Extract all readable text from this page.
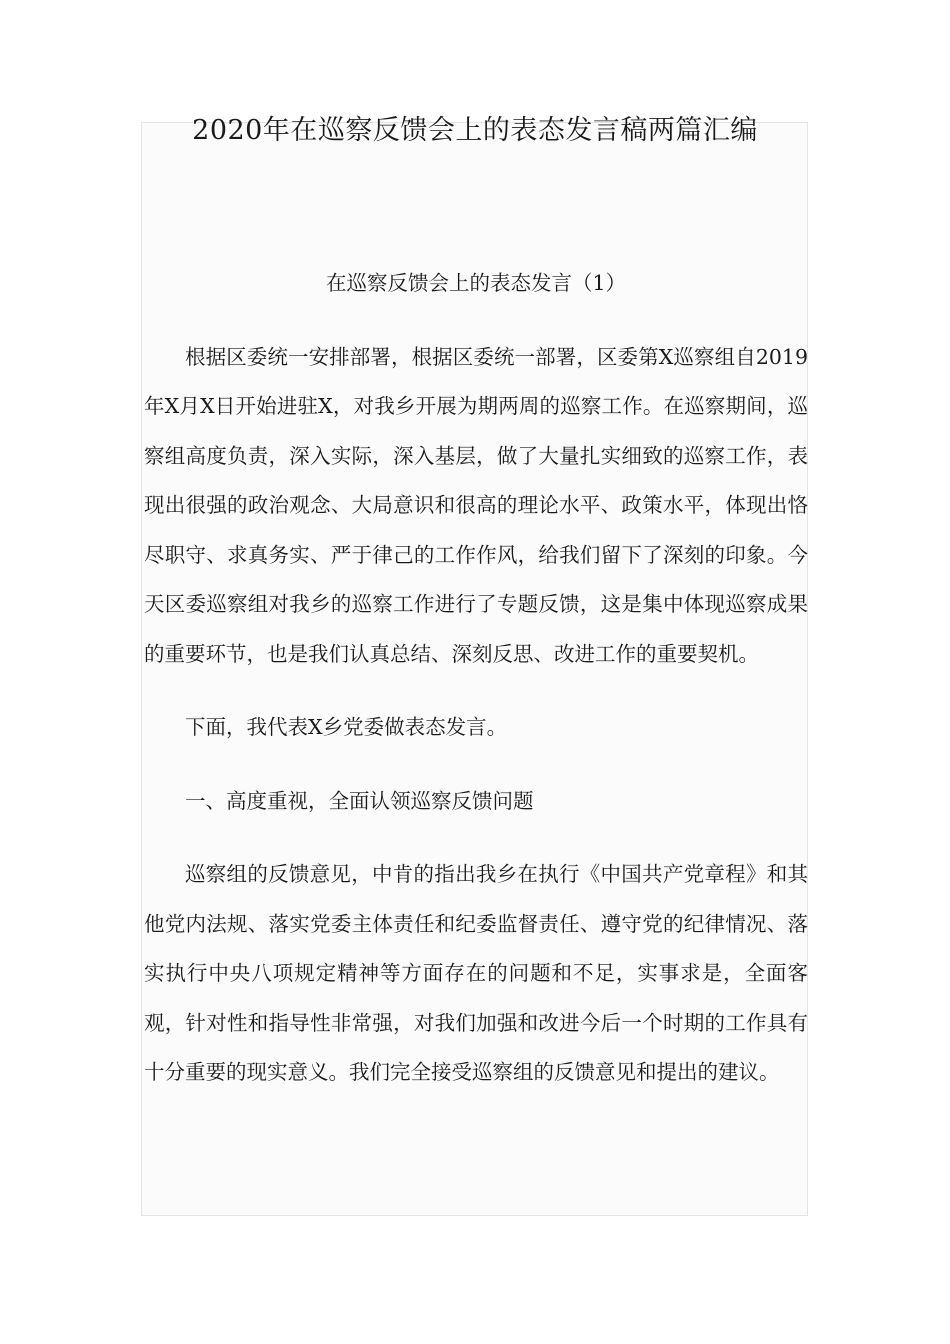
2020年在巡察反馈会上的表态发言稿两篇汇编
在巡察反馈会上的表态发言（1）

根据区委统一安排部署，根据区委统一部署，区委第X巡察组自2019年X月X日开始进驻X，对我乡开展为期两周的巡察工作。在巡察期间，巡察组高度负责，深入实际，深入基层，做了大量扎实细致的巡察工作，表现出很强的政治观念、大局意识和很高的理论水平、政策水平，体现出恪尽职守、求真务实、严于律己的工作作风，给我们留下了深刻的印象。今天区委巡察组对我乡的巡察工作进行了专题反馈，这是集中体现巡察成果的重要环节，也是我们认真总结、深刻反思、改进工作的重要契机。

下面，我代表X乡党委做表态发言。

一、高度重视，全面认领巡察反馈问题

巡察组的反馈意见，中肯的指出我乡在执行《中国共产党章程》和其他党内法规、落实党委主体责任和纪委监督责任、遵守党的纪律情况、落实执行中央八项规定精神等方面存在的问题和不足，实事求是，全面客观，针对性和指导性非常强，对我们加强和改进今后一个时期的工作具有十分重要的现实意义。我们完全接受巡察组的反馈意见和提出的建议。
